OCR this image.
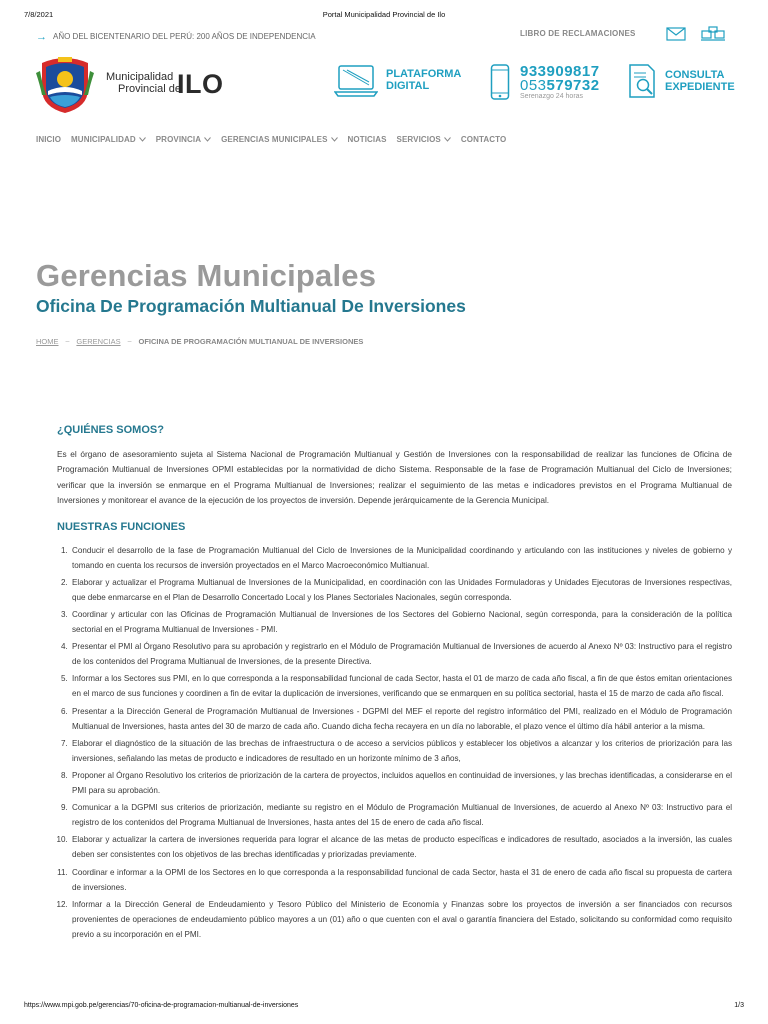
7/8/2021	Portal Municipalidad Provincial de Ilo
→ AÑO DEL BICENTENARIO DEL PERÚ: 200 AÑOS DE INDEPENDENCIA	LIBRO DE RECLAMACIONES
Municipalidad
Provincial de
ILO	PLATAFORMA
DIGITAL
933909817
053579732
Serenazgo 24 horas
CONSULTA
EXPEDIENTE
INICIO MUNICIPALIDAD	PROVINCIA	GERENCIAS MUNICIPALES	NOTICIAS SERVICIOS	CONTACTO
Gerencias Municipales
Oficina De Programación Multianual De Inversiones
HOME – GERENCIAS – OFICINA DE PROGRAMACIÓN MULTIANUAL DE INVERSIONES
¿QUIÉNES SOMOS?

Es el órgano de asesoramiento sujeta al Sistema Nacional de Programación Multianual y Gestión de Inversiones con la responsabilidad de realizar las funciones de Oficina de Programación Multianual de Inversiones OPMI establecidas por la normatividad de dicho Sistema. Responsable de la fase de Programación Multianual del Ciclo de Inversiones; verificar que la inversión se enmarque en el Programa Multianual de Inversiones; realizar el seguimiento de las metas e indicadores previstos en el Programa Multianual de Inversiones y monitorear el avance de la ejecución de los proyectos de inversión. Depende jerárquicamente de la Gerencia Municipal.

NUESTRAS FUNCIONES
1. Conducir el desarrollo de la fase de Programación Multianual del Ciclo de Inversiones de la Municipalidad coordinando y articulando con las instituciones y niveles de gobierno y tomando en cuenta los recursos de inversión proyectados en el Marco Macroeconómico Multianual.
2. Elaborar y actualizar el Programa Multianual de Inversiones de la Municipalidad, en coordinación con las Unidades Formuladoras y Unidades Ejecutoras de Inversiones respectivas, que debe enmarcarse en el Plan de Desarrollo Concertado Local y los Planes Sectoriales Nacionales, según corresponda.
3. Coordinar y articular con las Oficinas de Programación Multianual de Inversiones de los Sectores del Gobierno Nacional, según corresponda, para la consideración de la política sectorial en el Programa Multianual de Inversiones - PMI.
4. Presentar el PMI al Órgano Resolutivo para su aprobación y registrarlo en el Módulo de Programación Multianual de Inversiones de acuerdo al Anexo Nº 03: Instructivo para el registro de los contenidos del Programa Multianual de Inversiones, de la presente Directiva.
5. Informar a los Sectores sus PMI, en lo que corresponda a la responsabilidad funcional de cada Sector, hasta el 01 de marzo de cada año fiscal, a fin de que éstos emitan orientaciones en el marco de sus funciones y coordinen a fin de evitar la duplicación de inversiones, verificando que se enmarquen en su política sectorial, hasta el 15 de marzo de cada año fiscal.
6. Presentar a la Dirección General de Programación Multianual de Inversiones - DGPMI del MEF el reporte del registro informático del PMI, realizado en el Módulo de Programación Multianual de Inversiones, hasta antes del 30 de marzo de cada año. Cuando dicha fecha recayera en un día no laborable, el plazo vence el último día hábil anterior a la misma.
7. Elaborar el diagnóstico de la situación de las brechas de infraestructura o de acceso a servicios públicos y establecer los objetivos a alcanzar y los criterios de priorización para las inversiones, señalando las metas de producto e indicadores de resultado en un horizonte mínimo de 3 años,
8. Proponer al Órgano Resolutivo los criterios de priorización de la cartera de proyectos, incluidos aquellos en continuidad de inversiones, y las brechas identificadas, a considerarse en el PMI para su aprobación.
9. Comunicar a la DGPMI sus criterios de priorización, mediante su registro en el Módulo de Programación Multianual de Inversiones, de acuerdo al Anexo Nº 03: Instructivo para el registro de los contenidos del Programa Multianual de Inversiones, hasta antes del 15 de enero de cada año fiscal.
10. Elaborar y actualizar la cartera de inversiones requerida para lograr el alcance de las metas de producto específicas e indicadores de resultado, asociados a la inversión, las cuales deben ser consistentes con los objetivos de las brechas identificadas y priorizadas previamente.
11. Coordinar e informar a la OPMI de los Sectores en lo que corresponda a la responsabilidad funcional de cada Sector, hasta el 31 de enero de cada año fiscal su propuesta de cartera de inversiones.
12. Informar a la Dirección General de Endeudamiento y Tesoro Público del Ministerio de Economía y Finanzas sobre los proyectos de inversión a ser financiados con recursos provenientes de operaciones de endeudamiento público mayores a un (01) año o que cuenten con el aval o garantía financiera del Estado, solicitando su conformidad como requisito previo a su incorporación en el PMI.
https://www.mpi.gob.pe/gerencias/70-oficina-de-programacion-multianual-de-inversiones	1/3
